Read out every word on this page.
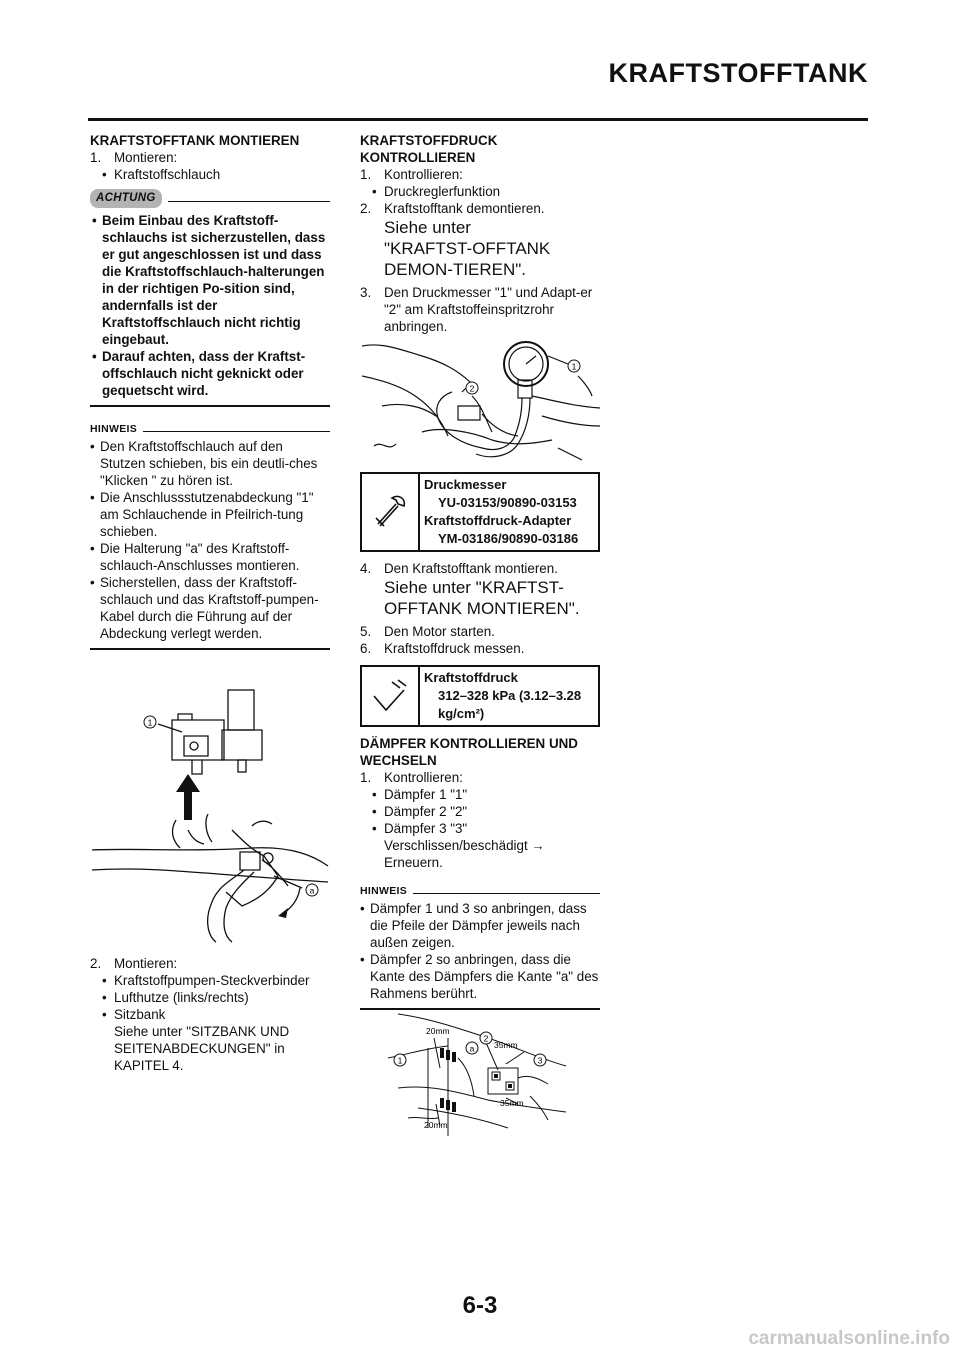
KRAFTSTOFFTANK
KRAFTSTOFFTANK MONTIEREN
1. Montieren:
• Kraftstoffschlauch
ACHTUNG
• Beim Einbau des Kraftstoff-schlauchs ist sicherzustellen, dass er gut angeschlossen ist und dass die Kraftstoffschlauch-halterungen in der richtigen Po-sition sind, andernfalls ist der Kraftstoffschlauch nicht richtig eingebaut.
• Darauf achten, dass der Kraftst-offschlauch nicht geknickt oder gequetscht wird.
HINWEIS
• Den Kraftstoffschlauch auf den Stutzen schieben, bis ein deutli-ches "Klicken " zu hören ist.
• Die Anschlussstutzenabdeckung "1" am Schlauchende in Pfeilrich-tung schieben.
• Die Halterung "a" des Kraftstoff-schlauch-Anschlusses montieren.
• Sicherstellen, dass der Kraftstoff-schlauch und das Kraftstoff-pumpen-Kabel durch die Führung auf der Abdeckung verlegt werden.
1
a
2. Montieren:
• Kraftstoffpumpen-Steckverbinder
• Lufthutze (links/rechts)
• Sitzbank
Siehe unter "SITZBANK UND SEITENABDECKUNGEN" in KAPITEL 4.
KRAFTSTOFFDRUCK KONTROLLIEREN
1. Kontrollieren:
• Druckreglerfunktion
2. Kraftstofftank demontieren.
Siehe unter "KRAFTST-OFFTANK DEMON-TIEREN".
3. Den Druckmesser "1" und Adapt-er "2" am Kraftstoffeinspritzrohr anbringen.
1
2
Druckmesser
YU-03153/90890-03153
Kraftstoffdruck-Adapter
YM-03186/90890-03186
4. Den Kraftstofftank montieren.
Siehe unter "KRAFTST-OFFTANK MONTIEREN".
5. Den Motor starten.
6. Kraftstoffdruck messen.
Kraftstoffdruck
312–328 kPa (3.12–3.28
kg/cm²)
DÄMPFER KONTROLLIEREN UND WECHSELN
1. Kontrollieren:
• Dämpfer 1 "1"
• Dämpfer 2 "2"
• Dämpfer 3 "3"
Verschlissen/beschädigt →
Erneuern.
HINWEIS
• Dämpfer 1 und 3 so anbringen, dass die Pfeile der Dämpfer jeweils nach außen zeigen.
• Dämpfer 2 so anbringen, dass die Kante des Dämpfers die Kante "a" des Rahmens berührt.
20mm
35mm
35mm
20mm
1
2
3
a
6-3
carmanualsonline.info
